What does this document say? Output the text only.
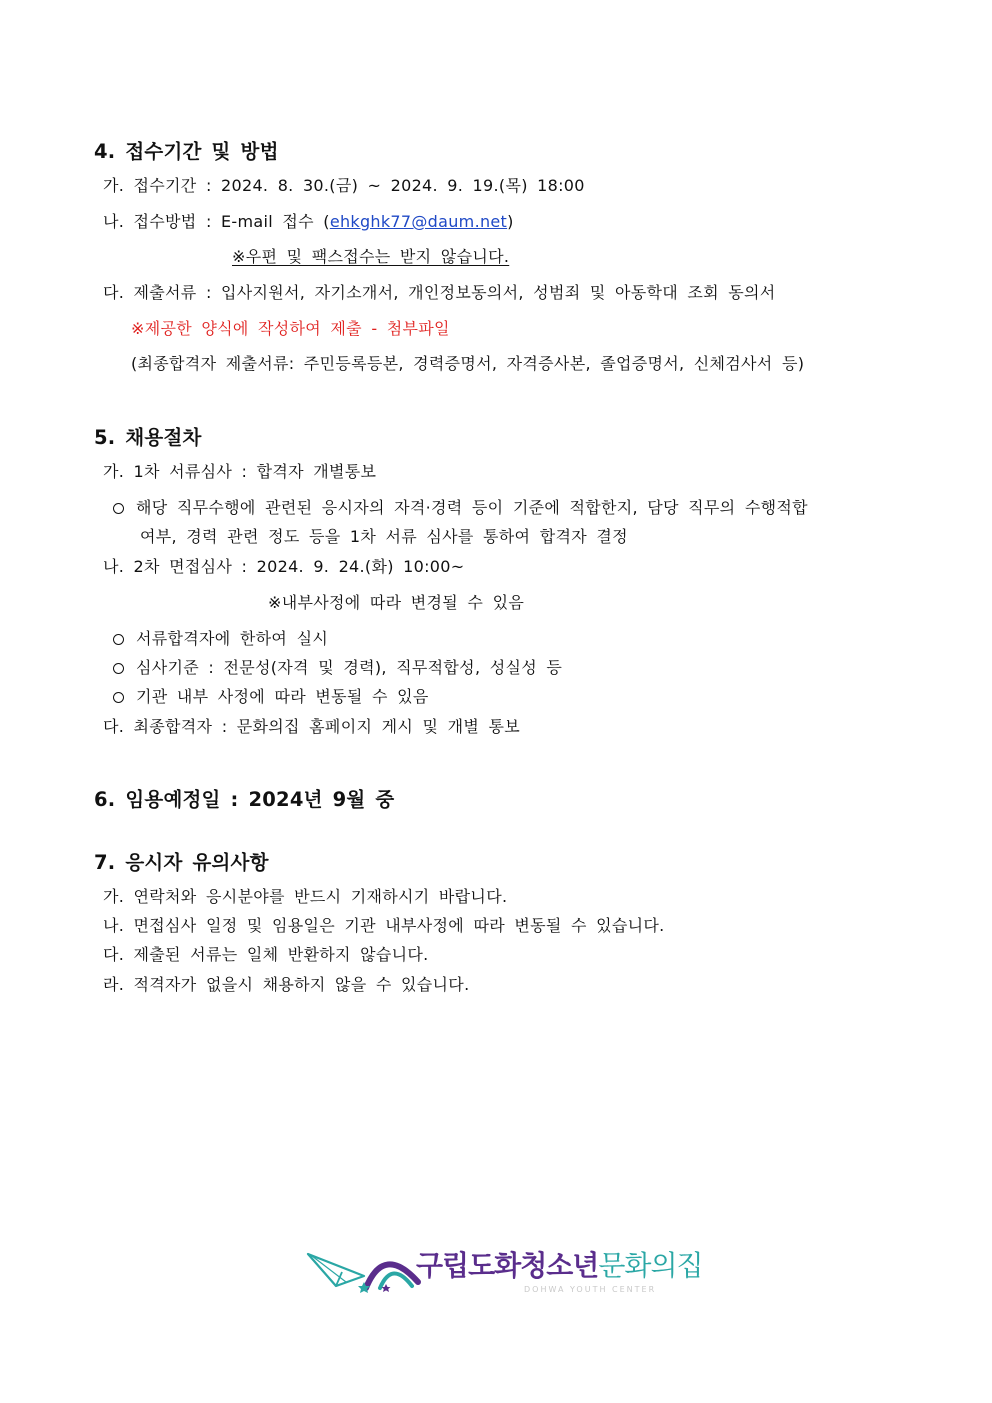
4. 접수기간 및 방법
가. 접수기간 : 2024. 8. 30.(금) ~ 2024. 9. 19.(목) 18:00
나. 접수방법 : E-mail 접수 (ehkghk77@daum.net)
※우편 및 팩스접수는 받지 않습니다.
다. 제출서류 : 입사지원서, 자기소개서, 개인정보동의서, 성범죄 및 아동학대 조회 동의서
※제공한 양식에 작성하여 제출 - 첨부파일
(최종합격자 제출서류: 주민등록등본, 경력증명서, 자격증사본, 졸업증명서, 신체검사서 등)
5. 채용절차
가. 1차 서류심사 : 합격자 개별통보
해당 직무수행에 관련된 응시자의 자격·경력 등이 기준에 적합한지, 담당 직무의 수행적합
여부, 경력 관련 정도 등을 1차 서류 심사를 통하여 합격자 결정
나. 2차 면접심사 : 2024. 9. 24.(화) 10:00~
※내부사정에 따라 변경될 수 있음
서류합격자에 한하여 실시
심사기준 : 전문성(자격 및 경력), 직무적합성, 성실성 등
기관 내부 사정에 따라 변동될 수 있음
다. 최종합격자 : 문화의집 홈페이지 게시 및 개별 통보
6. 임용예정일 : 2024년 9월 중
7. 응시자 유의사항
가. 연락처와 응시분야를 반드시 기재하시기 바랍니다.
나. 면접심사 일정 및 임용일은 기관 내부사정에 따라 변동될 수 있습니다.
다. 제출된 서류는 일체 반환하지 않습니다.
라. 적격자가 없을시 채용하지 않을 수 있습니다.
구립도화청소년문화의집
DOHWA YOUTH CENTER
